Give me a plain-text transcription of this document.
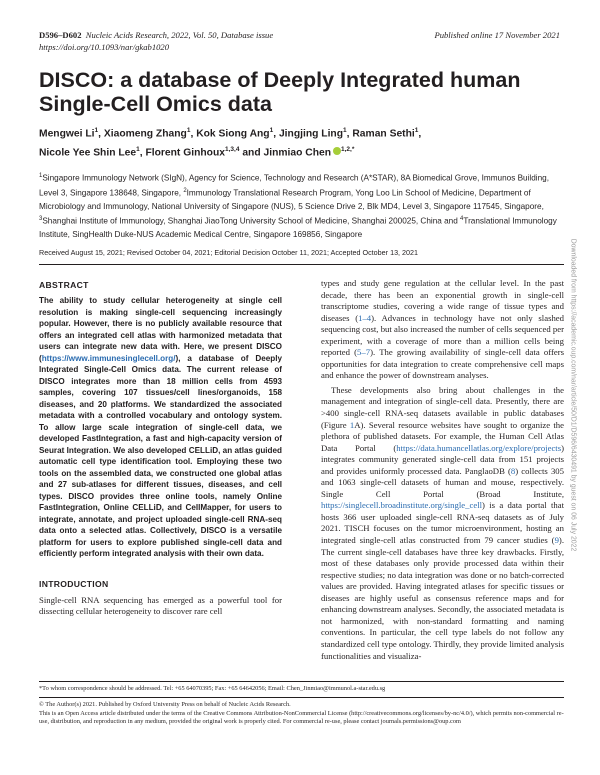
D596–D602 Nucleic Acids Research, 2022, Vol. 50, Database issue
https://doi.org/10.1093/nar/gkab1020
Published online 17 November 2021
DISCO: a database of Deeply Integrated human Single-Cell Omics data
Mengwei Li$^1$, Xiaomeng Zhang$^1$, Kok Siong Ang$^1$, Jingjing Ling$^1$, Raman Sethi$^1$,
Nicole Yee Shin Lee$^1$, Florent Ginhoux$^{1,3,4}$ and Jinmiao Chen $^{1,2,*}$
$^1$Singapore Immunology Network (SIgN), Agency for Science, Technology and Research (A*STAR), 8A Biomedical Grove, Immunos Building, Level 3, Singapore 138648, Singapore, $^2$Immunology Translational Research Program, Yong Loo Lin School of Medicine, Department of Microbiology and Immunology, National University of Singapore (NUS), 5 Science Drive 2, Blk MD4, Level 3, Singapore 117545, Singapore, $^3$Shanghai Institute of Immunology, Shanghai JiaoTong University School of Medicine, Shanghai 200025, China and $^4$Translational Immunology Institute, SingHealth Duke-NUS Academic Medical Centre, Singapore 169856, Singapore
Received August 15, 2021; Revised October 04, 2021; Editorial Decision October 11, 2021; Accepted October 13, 2021

ABSTRACT

The ability to study cellular heterogeneity at single cell resolution is making single-cell sequencing increasingly popular. However, there is no publicly available resource that offers an integrated cell atlas with harmonized metadata that users can integrate new data with. Here, we present DISCO (https://www.immunesinglecell.org/), a database of Deeply Integrated Single-Cell Omics data. The current release of DISCO integrates more than 18 million cells from 4593 samples, covering 107 tissues/cell lines/organoids, 158 diseases, and 20 platforms. We standardized the associated metadata with a controlled vocabulary and ontology system. To allow large scale integration of single-cell data, we developed FastIntegration, a fast and high-capacity version of Seurat Integration. We also developed CELLiD, an atlas guided automatic cell type identification tool. Employing these two tools on the assembled data, we constructed one global atlas and 27 sub-atlases for different tissues, diseases, and cell types. DISCO provides three online tools, namely Online FastIntegration, Online CELLiD, and CellMapper, for users to integrate, annotate, and project uploaded single-cell RNA-seq data onto a selected atlas. Collectively, DISCO is a versatile platform for users to explore published single-cell data and efficiently perform integrated analysis with their own data.

INTRODUCTION

Single-cell RNA sequencing has emerged as a powerful tool for dissecting cellular heterogeneity to discover rare cell

types and study gene regulation at the cellular level. In the past decade, there has been an exponential growth in single-cell transcriptome studies, covering a wide range of tissue types and diseases (1–4). Advances in technology have not only slashed sequencing cost, but also increased the number of cells sequenced per experiment, with a coverage of more than a million cells being reported (5–7). The growing availability of single-cell data offers opportunities for data integration to create comprehensive cell maps and enhance the power of downstream analyses.

These developments also bring about challenges in the management and integration of single-cell data. Presently, there are >400 single-cell RNA-seq datasets available in public databases (Figure 1A). Several resource websites have sought to organize the plethora of published datasets. For example, the Human Cell Atlas Data Portal (https://data.humancellatlas.org/explore/projects) integrates community generated single-cell data from 151 projects and provides uniformly processed data. PanglaoDB (8) collects 305 and 1063 single-cell datasets of human and mouse, respectively. Single Cell Portal (Broad Institute, https://singlecell.broadinstitute.org/single_cell) is a data portal that hosts 366 user uploaded single-cell RNA-seq datasets as of July 2021. TISCH focuses on the tumor microenvironment, hosting an integrated single-cell atlas constructed from 79 cancer studies (9). The current single-cell databases have three key drawbacks. Firstly, most of these databases only provide processed data within their respective studies; no data integration was done or no batch-corrected values are provided. Having integrated atlases for specific tissues or diseases are highly useful as consensus reference maps and for enhancing downstream analyses. Secondly, the associated metadata is not harmonized, with non-standard formatting and naming conventions. In particular, the cell type labels do not follow any standardized cell type ontology. Thirdly, they provide limited analysis functionalities and visualiza-

*To whom correspondence should be addressed. Tel: +65 64070395; Fax: +65 64642056; Email: Chen_Jinmiao@immunol.a-star.edu.sg
© The Author(s) 2021. Published by Oxford University Press on behalf of Nucleic Acids Research.
This is an Open Access article distributed under the terms of the Creative Commons Attribution-NonCommercial License (http://creativecommons.org/licenses/by-nc/4.0/), which permits non-commercial re-use, distribution, and reproduction in any medium, provided the original work is properly cited. For commercial re-use, please contact journals.permissions@oup.com
Downloaded from https://academic.oup.com/nar/article/50/D1/D596/6430491 by guest on 06 July 2022
